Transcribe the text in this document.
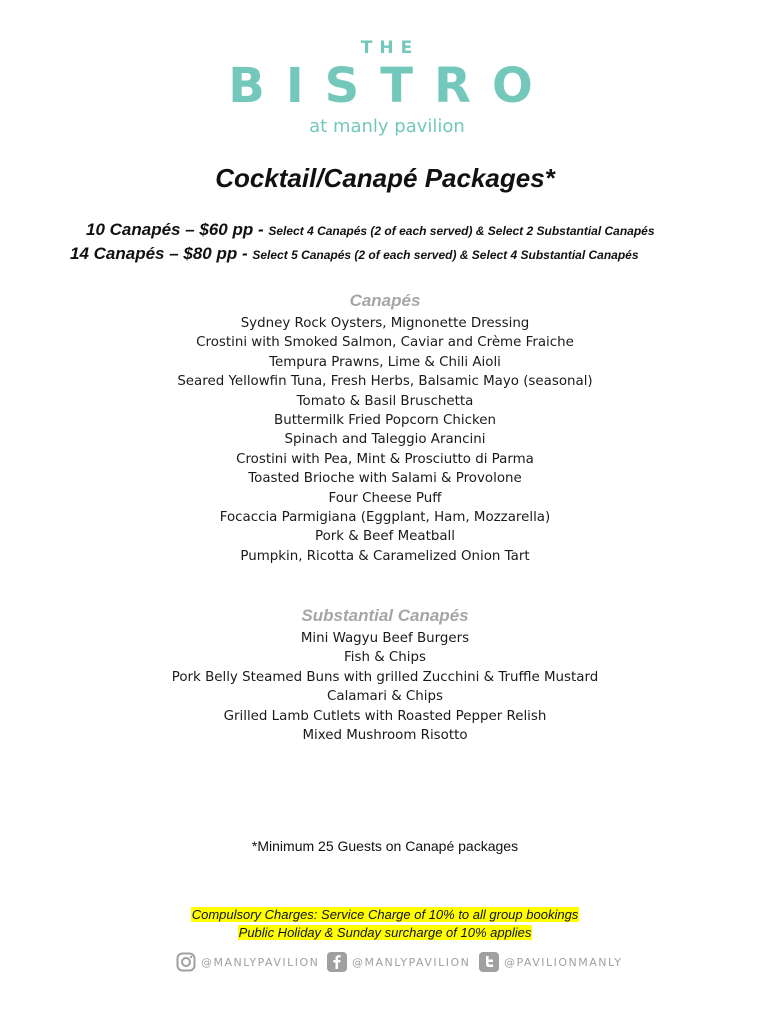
THE
BISTRO
at manly pavilion
Cocktail/Canapé Packages*
10 Canapés – $60 pp - Select 4 Canapés (2 of each served) & Select 2 Substantial Canapés
14 Canapés – $80 pp - Select 5 Canapés (2 of each served) & Select 4 Substantial Canapés
Canapés
Sydney Rock Oysters, Mignonette Dressing
Crostini with Smoked Salmon, Caviar and Crème Fraiche
Tempura Prawns, Lime & Chili Aioli
Seared Yellowfin Tuna, Fresh Herbs, Balsamic Mayo (seasonal)
Tomato & Basil Bruschetta
Buttermilk Fried Popcorn Chicken
Spinach and Taleggio Arancini
Crostini with Pea, Mint & Prosciutto di Parma
Toasted Brioche with Salami & Provolone
Four Cheese Puff
Focaccia Parmigiana (Eggplant, Ham, Mozzarella)
Pork & Beef Meatball
Pumpkin, Ricotta & Caramelized Onion Tart
Substantial Canapés
Mini Wagyu Beef Burgers
Fish & Chips
Pork Belly Steamed Buns with grilled Zucchini & Truffle Mustard
Calamari & Chips
Grilled Lamb Cutlets with Roasted Pepper Relish
Mixed Mushroom Risotto
*Minimum 25 Guests on Canapé packages
Compulsory Charges: Service Charge of 10% to all group bookings
Public Holiday & Sunday surcharge of 10% applies
@MANLYPAVILION	@MANLYPAVILION	@PAVILIONMANLY
